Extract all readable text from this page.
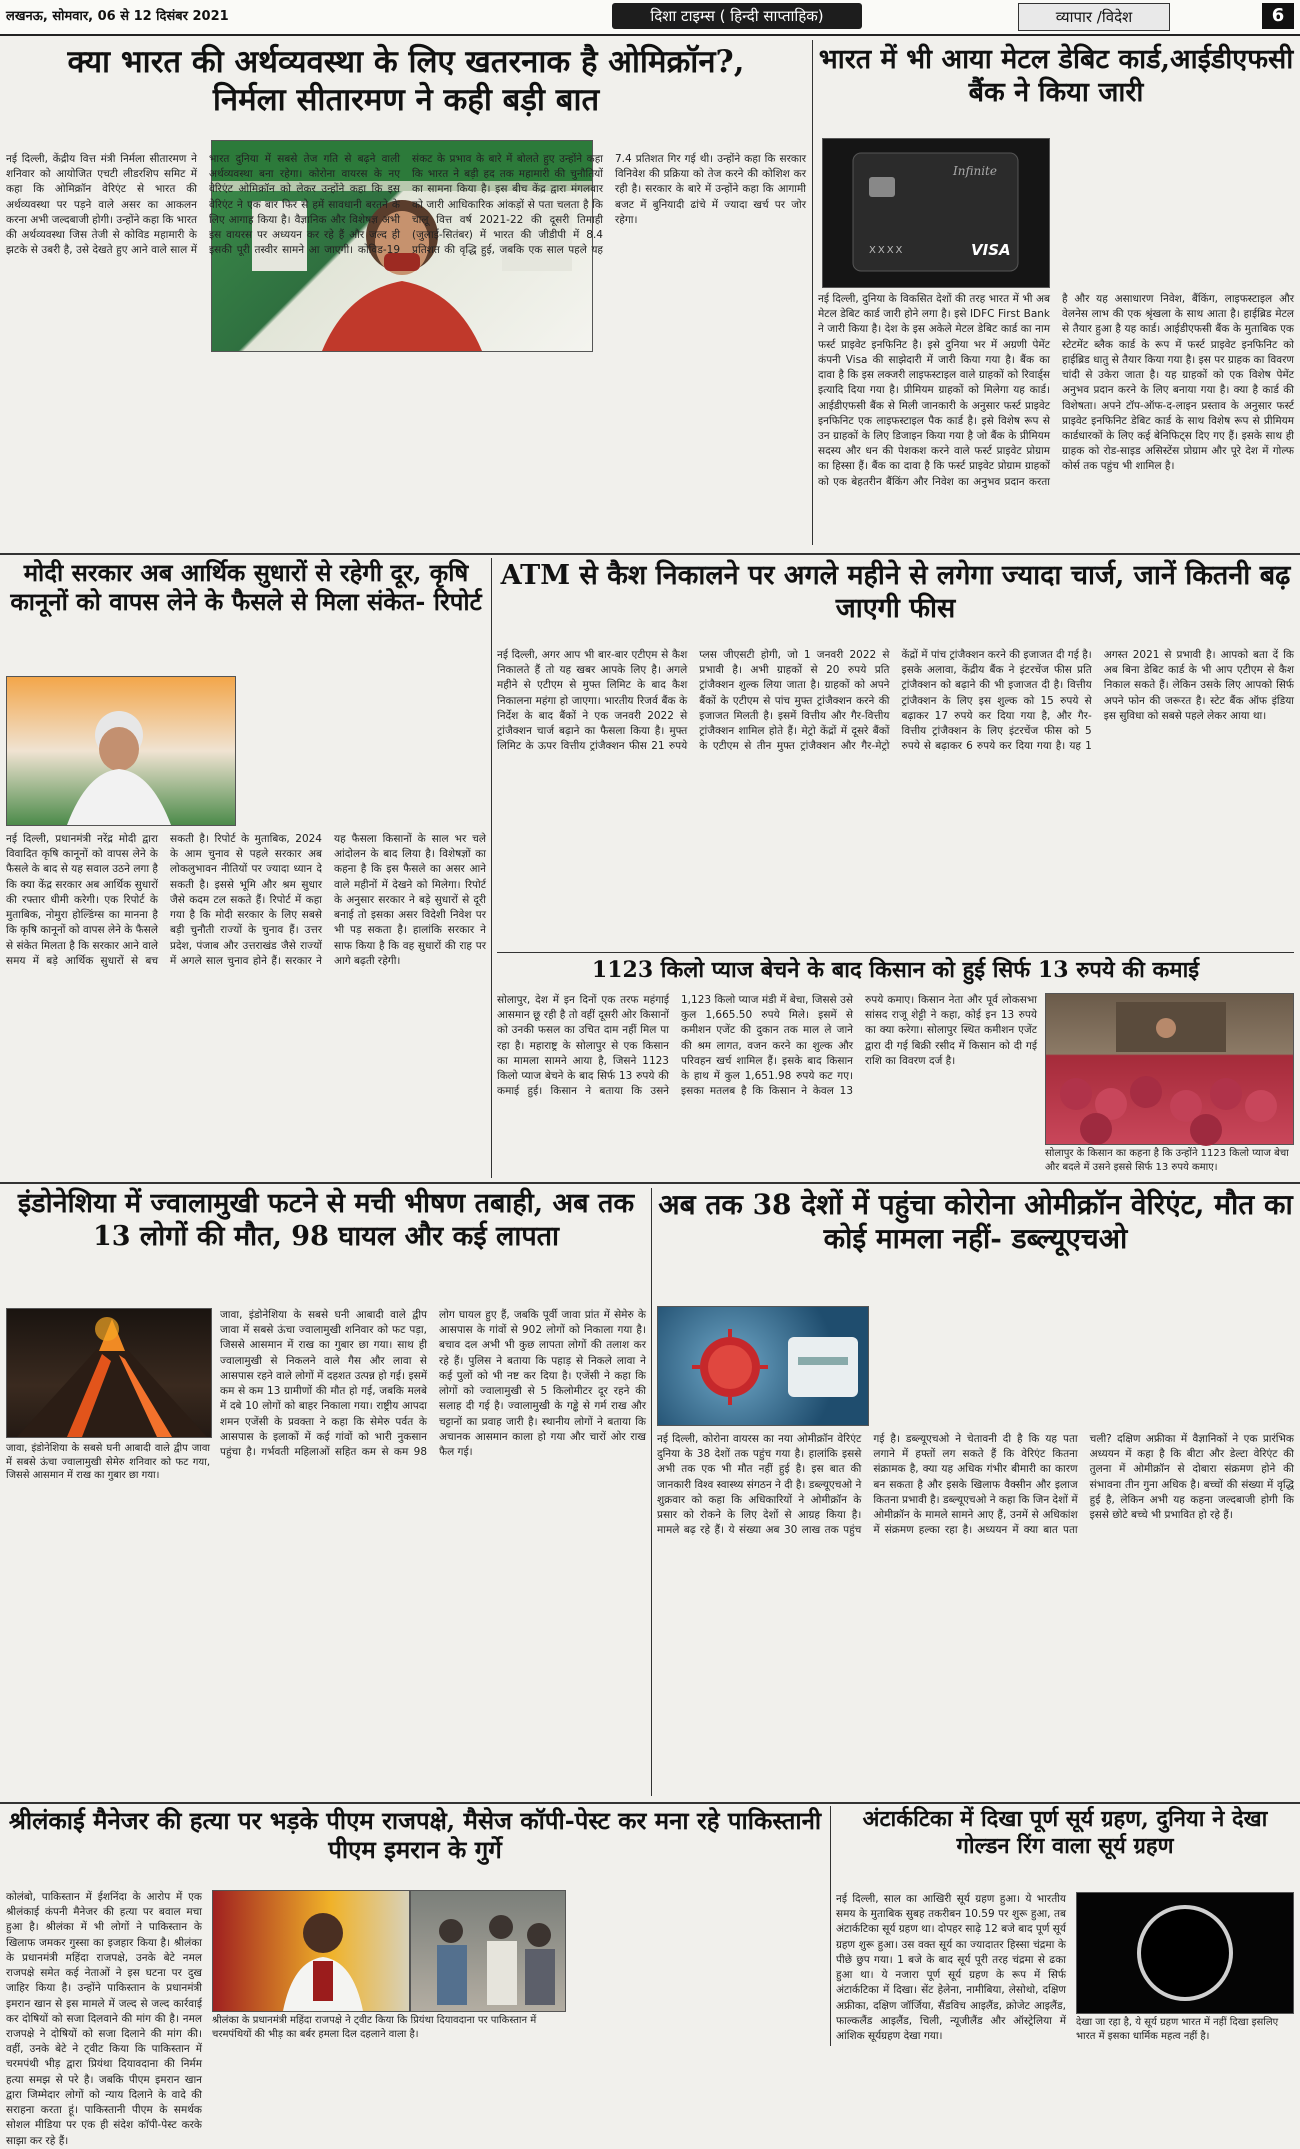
लखनऊ, सोमवार, 06 से 12 दिसंबर 2021	दिशा टाइम्स ( हिन्दी साप्ताहिक)	व्यापार /विदेश	6
क्या भारत की अर्थव्यवस्था के लिए खतरनाक है ओमिक्रॉन?, निर्मला सीतारमण ने कही बड़ी बात
नई दिल्ली, केंद्रीय वित्त मंत्री निर्मला सीतारमण ने शनिवार को आयोजित एचटी लीडरशिप समिट में कहा कि ओमिक्रॉन वेरिएंट से भारत की अर्थव्यवस्था पर पड़ने वाले असर का आकलन करना अभी जल्दबाजी होगी। उन्होंने कहा कि भारत की अर्थव्यवस्था जिस तेजी से कोविड महामारी के झटके से उबरी है, उसे देखते हुए आने वाले साल में भारत दुनिया में सबसे तेज गति से बढ़ने वाली अर्थव्यवस्था बना रहेगा। कोरोना वायरस के नए वेरिएंट ओमिक्रॉन को लेकर उन्होंने कहा कि इस वेरिएंट ने एक बार फिर से हमें सावधानी बरतने के लिए आगाह किया है। वैज्ञानिक और विशेषज्ञ अभी इस वायरस पर अध्ययन कर रहे हैं और जल्द ही इसकी पूरी तस्वीर सामने आ जाएगी। कोविड-19 संकट के प्रभाव के बारे में बोलते हुए उन्होंने कहा कि भारत ने बड़ी हद तक महामारी की चुनौतियों का सामना किया है। इस बीच केंद्र द्वारा मंगलवार को जारी आधिकारिक आंकड़ों से पता चलता है कि चालू वित्त वर्ष 2021-22 की दूसरी तिमाही (जुलाई-सितंबर) में भारत की जीडीपी में 8.4 प्रतिशत की वृद्धि हुई, जबकि एक साल पहले यह 7.4 प्रतिशत गिर गई थी। उन्होंने कहा कि सरकार विनिवेश की प्रक्रिया को तेज करने की कोशिश कर रही है। सरकार के बारे में उन्होंने कहा कि आगामी बजट में बुनियादी ढांचे में ज्यादा खर्च पर जोर रहेगा।
भारत में भी आया मेटल डेबिट कार्ड,आईडीएफसी बैंक ने किया जारी
Infinite
XXXX	VISA
नई दिल्ली, दुनिया के विकसित देशों की तरह भारत में भी अब मेटल डेबिट कार्ड जारी होने लगा है। इसे IDFC First Bank ने जारी किया है। देश के इस अकेले मेटल डेबिट कार्ड का नाम फर्स्ट प्राइवेट इनफिनिट है। इसे दुनिया भर में अग्रणी पेमेंट कंपनी Visa की साझेदारी में जारी किया गया है। बैंक का दावा है कि इस लक्जरी लाइफस्टाइल वाले ग्राहकों को रिवार्ड्स इत्यादि दिया गया है। प्रीमियम ग्राहकों को मिलेगा यह कार्ड। आईडीएफसी बैंक से मिली जानकारी के अनुसार फर्स्ट प्राइवेट इनफिनिट एक लाइफस्टाइल पैक कार्ड है। इसे विशेष रूप से उन ग्राहकों के लिए डिजाइन किया गया है जो बैंक के प्रीमियम सदस्य और धन की पेशकश करने वाले फर्स्ट प्राइवेट प्रोग्राम का हिस्सा हैं। बैंक का दावा है कि फर्स्ट प्राइवेट प्रोग्राम ग्राहकों को एक बेहतरीन बैंकिंग और निवेश का अनुभव प्रदान करता है और यह असाधारण निवेश, बैंकिंग, लाइफस्टाइल और वेलनेस लाभ की एक श्रृंखला के साथ आता है। हाईब्रिड मेटल से तैयार हुआ है यह कार्ड। आईडीएफसी बैंक के मुताबिक एक स्टेटमेंट ब्लैक कार्ड के रूप में फर्स्ट प्राइवेट इनफिनिट को हाईब्रिड धातु से तैयार किया गया है। इस पर ग्राहक का विवरण चांदी से उकेरा जाता है। यह ग्राहकों को एक विशेष पेमेंट अनुभव प्रदान करने के लिए बनाया गया है। क्या है कार्ड की विशेषता। अपने टॉप-ऑफ-द-लाइन प्रस्ताव के अनुसार फर्स्ट प्राइवेट इनफिनिट डेबिट कार्ड के साथ विशेष रूप से प्रीमियम कार्डधारकों के लिए कई बेनिफिट्स दिए गए हैं। इसके साथ ही ग्राहक को रोड-साइड असिस्टेंस प्रोग्राम और पूरे देश में गोल्फ कोर्स तक पहुंच भी शामिल है।
मोदी सरकार अब आर्थिक सुधारों से रहेगी दूर, कृषि कानूनों को वापस लेने के फैसले से मिला संकेत- रिपोर्ट
नई दिल्ली, प्रधानमंत्री नरेंद्र मोदी द्वारा विवादित कृषि कानूनों को वापस लेने के फैसले के बाद से यह सवाल उठने लगा है कि क्या केंद्र सरकार अब आर्थिक सुधारों की रफ्तार धीमी करेगी। एक रिपोर्ट के मुताबिक, नोमुरा होल्डिंग्स का मानना है कि कृषि कानूनों को वापस लेने के फैसले से संकेत मिलता है कि सरकार आने वाले समय में बड़े आर्थिक सुधारों से बच सकती है। रिपोर्ट के मुताबिक, 2024 के आम चुनाव से पहले सरकार अब लोकलुभावन नीतियों पर ज्यादा ध्यान दे सकती है। इससे भूमि और श्रम सुधार जैसे कदम टल सकते हैं। रिपोर्ट में कहा गया है कि मोदी सरकार के लिए सबसे बड़ी चुनौती राज्यों के चुनाव हैं। उत्तर प्रदेश, पंजाब और उत्तराखंड जैसे राज्यों में अगले साल चुनाव होने हैं। सरकार ने यह फैसला किसानों के साल भर चले आंदोलन के बाद लिया है। विशेषज्ञों का कहना है कि इस फैसले का असर आने वाले महीनों में देखने को मिलेगा। रिपोर्ट के अनुसार सरकार ने बड़े सुधारों से दूरी बनाई तो इसका असर विदेशी निवेश पर भी पड़ सकता है। हालांकि सरकार ने साफ किया है कि वह सुधारों की राह पर आगे बढ़ती रहेगी।
ATM से कैश निकालने पर अगले महीने से लगेगा ज्यादा चार्ज, जानें कितनी बढ़ जाएगी फीस
नई दिल्ली, अगर आप भी बार-बार एटीएम से कैश निकालते हैं तो यह खबर आपके लिए है। अगले महीने से एटीएम से मुफ्त लिमिट के बाद कैश निकालना महंगा हो जाएगा। भारतीय रिजर्व बैंक के निर्देश के बाद बैंकों ने एक जनवरी 2022 से ट्रांजैक्शन चार्ज बढ़ाने का फैसला किया है। मुफ्त लिमिट के ऊपर वित्तीय ट्रांजैक्शन फीस 21 रुपये प्लस जीएसटी होगी, जो 1 जनवरी 2022 से प्रभावी है। अभी ग्राहकों से 20 रुपये प्रति ट्रांजैक्शन शुल्क लिया जाता है। ग्राहकों को अपने बैंकों के एटीएम से पांच मुफ्त ट्रांजैक्शन करने की इजाजत मिलती है। इसमें वित्तीय और गैर-वित्तीय ट्रांजैक्शन शामिल होते हैं। मेट्रो केंद्रों में दूसरे बैंकों के एटीएम से तीन मुफ्त ट्रांजैक्शन और गैर-मेट्रो केंद्रों में पांच ट्रांजैक्शन करने की इजाजत दी गई है। इसके अलावा, केंद्रीय बैंक ने इंटरचेंज फीस प्रति ट्रांजैक्शन को बढ़ाने की भी इजाजत दी है। वित्तीय ट्रांजैक्शन के लिए इस शुल्क को 15 रुपये से बढ़ाकर 17 रुपये कर दिया गया है, और गैर-वित्तीय ट्रांजैक्शन के लिए इंटरचेंज फीस को 5 रुपये से बढ़ाकर 6 रुपये कर दिया गया है। यह 1 अगस्त 2021 से प्रभावी है। आपको बता दें कि अब बिना डेबिट कार्ड के भी आप एटीएम से कैश निकाल सकते हैं। लेकिन उसके लिए आपको सिर्फ अपने फोन की जरूरत है। स्टेट बैंक ऑफ इंडिया इस सुविधा को सबसे पहले लेकर आया था।
1123 किलो प्याज बेचने के बाद किसान को हुई सिर्फ 13 रुपये की कमाई
सोलापुर, देश में इन दिनों एक तरफ महंगाई आसमान छू रही है तो वहीं दूसरी ओर किसानों को उनकी फसल का उचित दाम नहीं मिल पा रहा है। महाराष्ट्र के सोलापुर से एक किसान का मामला सामने आया है, जिसने 1123 किलो प्याज बेचने के बाद सिर्फ 13 रुपये की कमाई हुई। किसान ने बताया कि उसने 1,123 किलो प्याज मंडी में बेचा, जिससे उसे कुल 1,665.50 रुपये मिले। इसमें से कमीशन एजेंट की दुकान तक माल ले जाने की श्रम लागत, वजन करने का शुल्क और परिवहन खर्च शामिल हैं। इसके बाद किसान के हाथ में कुल 1,651.98 रुपये कट गए। इसका मतलब है कि किसान ने केवल 13 रुपये कमाए। किसान नेता और पूर्व लोकसभा सांसद राजू शेट्टी ने कहा, कोई इन 13 रुपये का क्या करेगा। सोलापुर स्थित कमीशन एजेंट द्वारा दी गई बिक्री रसीद में किसान को दी गई राशि का विवरण दर्ज है।

सोलापुर के किसान का कहना है कि उन्होंने 1123 किलो प्याज बेचा और बदले में उसने इससे सिर्फ 13 रुपये कमाए।

इंडोनेशिया में ज्वालामुखी फटने से मची भीषण तबाही, अब तक 13 लोगों की मौत, 98 घायल और कई लापता

जावा, इंडोनेशिया के सबसे घनी आबादी वाले द्वीप जावा में सबसे ऊंचा ज्वालामुखी सेमेरु शनिवार को फट गया, जिससे आसमान में राख का गुबार छा गया।

जावा, इंडोनेशिया के सबसे घनी आबादी वाले द्वीप जावा में सबसे ऊंचा ज्वालामुखी शनिवार को फट पड़ा, जिससे आसमान में राख का गुबार छा गया। साथ ही ज्वालामुखी से निकलने वाले गैस और लावा से आसपास रहने वाले लोगों में दहशत उत्पन्न हो गई। इसमें कम से कम 13 ग्रामीणों की मौत हो गई, जबकि मलबे में दबे 10 लोगों को बाहर निकाला गया। राष्ट्रीय आपदा शमन एजेंसी के प्रवक्ता ने कहा कि सेमेरु पर्वत के आसपास के इलाकों में कई गांवों को भारी नुकसान पहुंचा है। गर्भवती महिलाओं सहित कम से कम 98 लोग घायल हुए हैं, जबकि पूर्वी जावा प्रांत में सेमेरु के आसपास के गांवों से 902 लोगों को निकाला गया है। बचाव दल अभी भी कुछ लापता लोगों की तलाश कर रहे हैं। पुलिस ने बताया कि पहाड़ से निकले लावा ने कई पुलों को भी नष्ट कर दिया है। एजेंसी ने कहा कि लोगों को ज्वालामुखी से 5 किलोमीटर दूर रहने की सलाह दी गई है। ज्वालामुखी के गड्ढे से गर्म राख और चट्टानों का प्रवाह जारी है। स्थानीय लोगों ने बताया कि अचानक आसमान काला हो गया और चारों ओर राख फैल गई।
अब तक 38 देशों में पहुंचा कोरोना ओमीक्रॉन वेरिएंट, मौत का कोई मामला नहीं- डब्ल्यूएचओ
नई दिल्ली, कोरोना वायरस का नया ओमीक्रॉन वेरिएंट दुनिया के 38 देशों तक पहुंच गया है। हालांकि इससे अभी तक एक भी मौत नहीं हुई है। इस बात की जानकारी विश्व स्वास्थ्य संगठन ने दी है। डब्ल्यूएचओ ने शुक्रवार को कहा कि अधिकारियों ने ओमीक्रॉन के प्रसार को रोकने के लिए देशों से आग्रह किया है। मामले बढ़ रहे हैं। ये संख्या अब 30 लाख तक पहुंच गई है। डब्ल्यूएचओ ने चेतावनी दी है कि यह पता लगाने में हफ्तों लग सकते हैं कि वेरिएंट कितना संक्रामक है, क्या यह अधिक गंभीर बीमारी का कारण बन सकता है और इसके खिलाफ वैक्सीन और इलाज कितना प्रभावी है। डब्ल्यूएचओ ने कहा कि जिन देशों में ओमीक्रॉन के मामले सामने आए हैं, उनमें से अधिकांश में संक्रमण हल्का रहा है। अध्ययन में क्या बात पता चली? दक्षिण अफ्रीका में वैज्ञानिकों ने एक प्रारंभिक अध्ययन में कहा है कि बीटा और डेल्टा वेरिएंट की तुलना में ओमीक्रॉन से दोबारा संक्रमण होने की संभावना तीन गुना अधिक है। बच्चों की संख्या में वृद्धि हुई है, लेकिन अभी यह कहना जल्दबाजी होगी कि इससे छोटे बच्चे भी प्रभावित हो रहे हैं।
श्रीलंकाई मैनेजर की हत्या पर भड़के पीएम राजपक्षे, मैसेज कॉपी-पेस्ट कर मना रहे पाकिस्तानी पीएम इमरान के गुर्गे
कोलंबो, पाकिस्तान में ईशनिंदा के आरोप में एक श्रीलंकाई कंपनी मैनेजर की हत्या पर बवाल मचा हुआ है। श्रीलंका में भी लोगों ने पाकिस्तान के खिलाफ जमकर गुस्सा का इजहार किया है। श्रीलंका के प्रधानमंत्री महिंदा राजपक्षे, उनके बेटे नमल राजपक्षे समेत कई नेताओं ने इस घटना पर दुख जाहिर किया है। उन्होंने पाकिस्तान के प्रधानमंत्री इमरान खान से इस मामले में जल्द से जल्द कार्रवाई कर दोषियों को सजा दिलवाने की मांग की है। नमल राजपक्षे ने दोषियों को सजा दिलाने की मांग की। वहीं, उनके बेटे ने ट्वीट किया कि पाकिस्तान में चरमपंथी भीड़ द्वारा प्रियंथा दियावदाना की निर्मम हत्या समझ से परे है। जबकि पीएम इमरान खान द्वारा जिम्मेदार लोगों को न्याय दिलाने के वादे की सराहना करता हूं। पाकिस्तानी पीएम के समर्थक सोशल मीडिया पर एक ही संदेश कॉपी-पेस्ट करके साझा कर रहे हैं।

श्रीलंका के प्रधानमंत्री महिंदा राजपक्षे ने ट्वीट किया कि प्रियंथा दियावदाना पर पाकिस्तान में चरमपंथियों की भीड़ का बर्बर हमला दिल दहलाने वाला है।

अंटार्कटिका में दिखा पूर्ण सूर्य ग्रहण, दुनिया ने देखा गोल्डन रिंग वाला सूर्य ग्रहण
नई दिल्ली, साल का आखिरी सूर्य ग्रहण हुआ। ये भारतीय समय के मुताबिक सुबह तकरीबन 10.59 पर शुरू हुआ, तब अंटार्कटिका सूर्य ग्रहण था। दोपहर साढ़े 12 बजे बाद पूर्ण सूर्य ग्रहण शुरू हुआ। उस वक्त सूर्य का ज्यादातर हिस्सा चंद्रमा के पीछे छुप गया। 1 बजे के बाद सूर्य पूरी तरह चंद्रमा से ढका हुआ था। ये नजारा पूर्ण सूर्य ग्रहण के रूप में सिर्फ अंटार्कटिका में दिखा। सेंट हेलेना, नामीबिया, लेसोथो, दक्षिण अफ्रीका, दक्षिण जॉर्जिया, सैंडविच आइलैंड, क्रोजेट आइलैंड, फाल्कलैंड आइलैंड, चिली, न्यूजीलैंड और ऑस्ट्रेलिया में आंशिक सूर्यग्रहण देखा गया।

देखा जा रहा है, ये सूर्य ग्रहण भारत में नहीं दिखा इसलिए भारत में इसका धार्मिक महत्व नहीं है।
